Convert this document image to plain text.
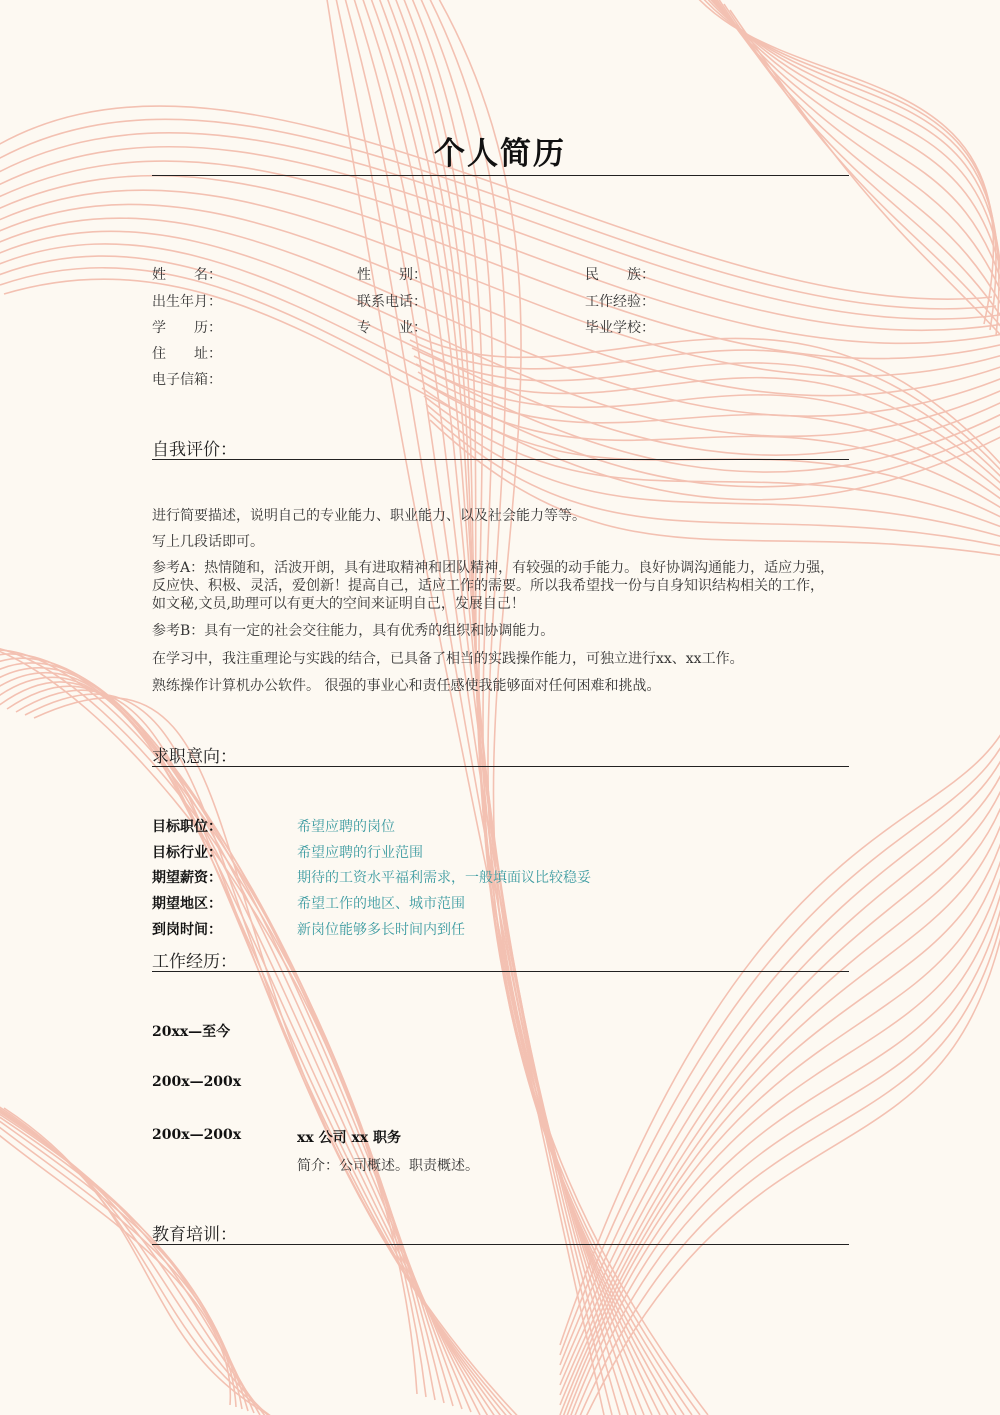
个人简历
姓　　名：	性　　别：	民　　族：
出生年月：	联系电话：	工作经验：
学　　历：	专　　业：	毕业学校：
住　　址：
电子信箱：
自我评价：
进行简要描述，说明自己的专业能力、职业能力、以及社会能力等等。
写上几段话即可。
参考A：热情随和，活波开朗，具有进取精神和团队精神，有较强的动手能力。良好协调沟通能力，适应力强，
反应快、积极、灵活，爱创新！提高自己，适应工作的需要。所以我希望找一份与自身知识结构相关的工作，
如文秘,文员,助理可以有更大的空间来证明自己，发展自己！
参考B：具有一定的社会交往能力，具有优秀的组织和协调能力。
在学习中，我注重理论与实践的结合，已具备了相当的实践操作能力，可独立进行xx、xx工作。
熟练操作计算机办公软件。 很强的事业心和责任感使我能够面对任何困难和挑战。
求职意向：
目标职位：	希望应聘的岗位
目标行业：	希望应聘的行业范围
期望薪资：	期待的工资水平福利需求，一般填面议比较稳妥
期望地区：	希望工作的地区、城市范围
到岗时间：	新岗位能够多长时间内到任
工作经历：
20xx—至今
200x—200x
200x—200x	xx 公司 xx 职务
简介：公司概述。职责概述。
教育培训：
